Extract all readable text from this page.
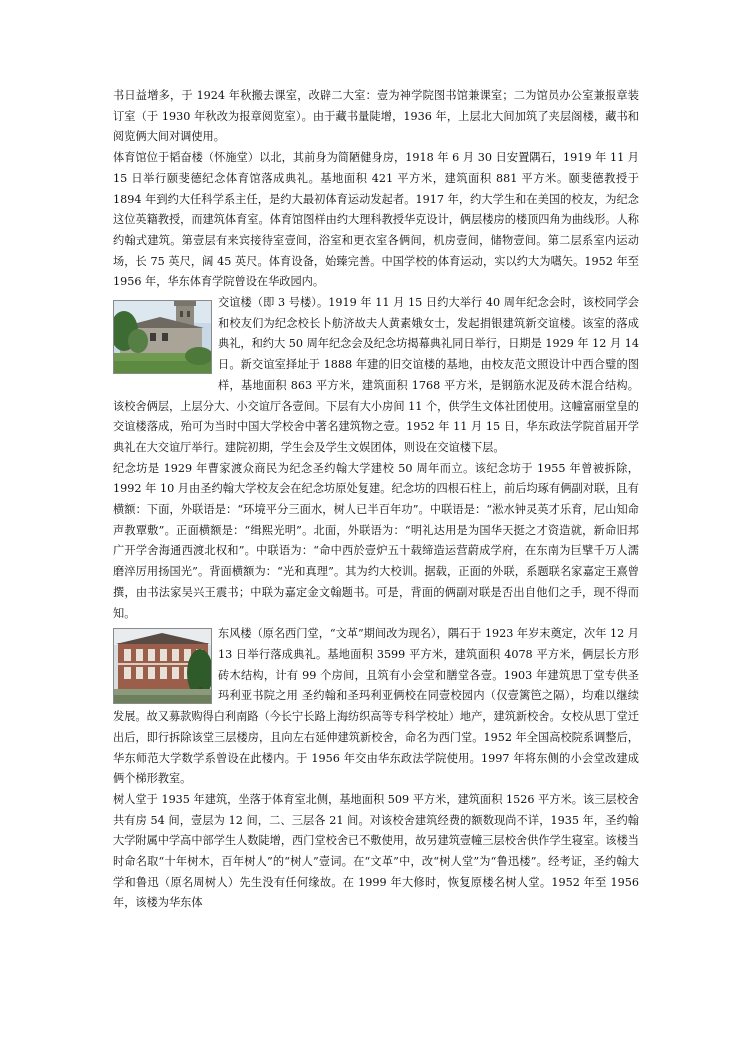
书日益增多，于 1924 年秋搬去课室，改辟二大室：壹为神学院图书馆兼课室；二为馆员办公室兼报章装订室（于 1930 年秋改为报章阅览室）。由于藏书量陡增，1936 年，上层北大间加筑了夹层阁楼，藏书和阅览俩大间对调使用。

体育馆位于韬奋楼（怀施堂）以北，其前身为简陋健身房，1918 年 6 月 30 日安置隅石，1919 年 11 月 15 日举行颐斐德纪念体育馆落成典礼。基地面积 421 平方米，建筑面积 881 平方米。颐斐德教授于 1894 年到约大任科学系主任，是约大最初体育运动发起者。1917 年，约大学生和在美国的校友，为纪念这位英籍教授，而建筑体育室。体育馆图样由约大理科教授华克设计，俩层楼房的楼顶四角为曲线形。人称约翰式建筑。第壹层有来宾接待室壹间，浴室和更衣室各俩间，机房壹间，储物壹间。第二层系室内运动场，长 75 英尺，阔 45 英尺。体育设备，始臻完善。中国学校的体育运动，实以约大为嚆矢。1952 年至 1956 年，华东体育学院曾设在华政园内。

交谊楼（即 3 号楼）。1919 年 11 月 15 日约大举行 40 周年纪念会时，该校同学会和校友们为纪念校长卜舫济故夫人黄素娥女士，发起捐银建筑新交谊楼。该室的落成典礼，和约大 50 周年纪念会及纪念坊揭幕典礼同日举行，日期是 1929 年 12 月 14 日。新交谊室择址于 1888 年建的旧交谊楼的基地，由校友范文照设计中西合璧的图样，基地面积 863 平方米，建筑面积 1768 平方米，是钢筋水泥及砖木混合结构。该校舍俩层，上层分大、小交谊厅各壹间。下层有大小房间 11 个，供学生文体社团使用。这幢富丽堂皇的交谊楼落成，殆可为当时中国大学校舍中著名建筑物之壹。1952 年 11 月 15 日，华东政法学院首届开学典礼在大交谊厅举行。建院初期，学生会及学生文娱团体，则设在交谊楼下层。

纪念坊是 1929 年曹家渡众商民为纪念圣约翰大学建校 50 周年而立。该纪念坊于 1955 年曾被拆除，1992 年 10 月由圣约翰大学校友会在纪念坊原处复建。纪念坊的四根石柱上，前后均琢有俩副对联，且有横额：下面，外联语是：“环境平分三面水，树人已半百年功”。中联语是：“淞水钟灵英才乐育，尼山知命声教覃敷”。正面横额是：“缉熙光明”。北面，外联语为：“明礼达用是为国华天挺之才资造就，新命旧邦广开学舍海通西渡北权和”。中联语为：“命中西於壹炉五十载缔造运营蔚成学府，在东南为巨擘千万人濡磨淬厉用扬国光”。背面横额为：“光和真理”。其为约大校训。据载，正面的外联，系题联名家嘉定王熹曾撰，由书法家吴兴王震书；中联为嘉定金文翰题书。可是，背面的俩副对联是否出自他们之手，现不得而知。

东风楼（原名西门堂，“文革”期间改为现名），隅石于 1923 年岁末奠定，次年 12 月 13 日举行落成典礼。基地面积 3599 平方米，建筑面积 4078 平方米，俩层长方形砖木结构，计有 99 个房间，且筑有小会堂和膳堂各壹。1903 年建筑思丁堂专供圣玛利亚书院之用 圣约翰和圣玛利亚俩校在同壹校园内（仅壹篱笆之隔），均难以继续发展。故又募款购得白利南路（今长宁长路上海纺织高等专科学校址）地产，建筑新校舍。女校从思丁堂迁出后，即行拆除该堂三层楼房，且向左右延伸建筑新校舍，命名为西门堂。1952 年全国高校院系调整后，华东师范大学数学系曾设在此楼内。于 1956 年交由华东政法学院使用。1997 年将东侧的小会堂改建成俩个梯形教室。

树人堂于 1935 年建筑，坐落于体育室北侧，基地面积 509 平方米，建筑面积 1526 平方米。该三层校舍共有房 54 间，壹层为 12 间，二、三层各 21 间。对该校舍建筑经费的额数现尚不详，1935 年，圣约翰大学附属中学高中部学生人数陡增，西门堂校舍已不敷使用，故另建筑壹幢三层校舍供作学生寝室。该楼当时命名取“十年树木，百年树人”的“树人”壹词。在“文革”中，改“树人堂”为“鲁迅楼”。经考证，圣约翰大学和鲁迅（原名周树人）先生没有任何缘故。在 1999 年大修时，恢复原楼名树人堂。1952 年至 1956 年，该楼为华东体
